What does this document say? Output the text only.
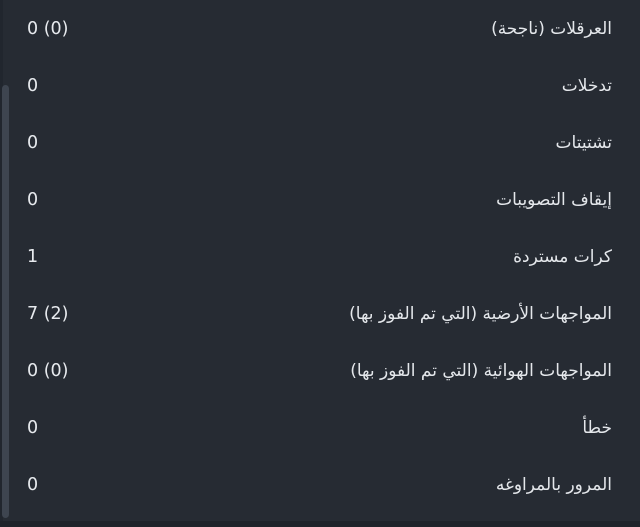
العرقلات (ناجحة)
0 (0)
تدخلات
0
تشتيتات
0
إيقاف التصويبات
0
كرات مستردة
1
المواجهات الأرضية (التي تم الفوز بها)
7 (2)
المواجهات الهوائية (التي تم الفوز بها)
0 (0)
خطأ
0
المرور بالمراوغه
0
